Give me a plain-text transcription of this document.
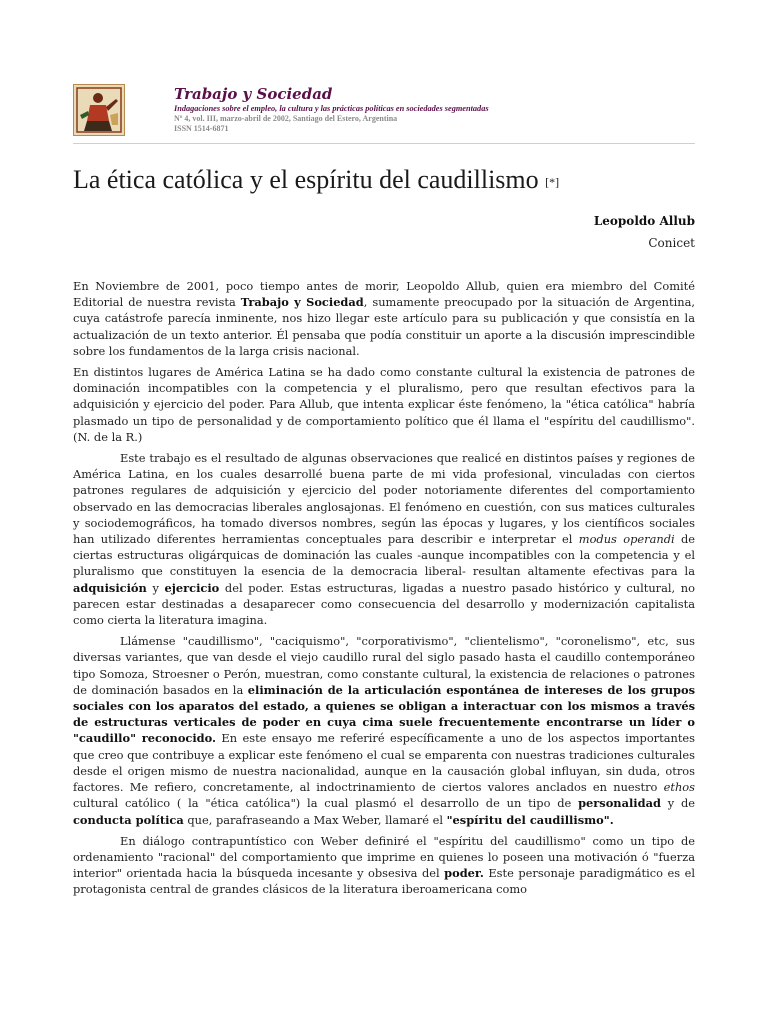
Trabajo y Sociedad
Indagaciones sobre el empleo, la cultura y las prácticas políticas en sociedades segmentadas
Nº 4, vol. III, marzo-abril de 2002, Santiago del Estero, Argentina
ISSN 1514-6871
La ética católica y el espíritu del caudillismo [*]
Leopoldo Allub
Conicet

En Noviembre de 2001, poco tiempo antes de morir, Leopoldo Allub, quien era miembro del Comité Editorial de nuestra revista Trabajo y Sociedad, sumamente preocupado por la situación de Argentina, cuya catástrofe parecía inminente, nos hizo llegar este artículo para su publicación y que consistía en la actualización de un texto anterior. Él pensaba que podía constituir un aporte a la discusión imprescindible sobre los fundamentos de la larga crisis nacional.

En distintos lugares de América Latina se ha dado como constante cultural la existencia de patrones de dominación incompatibles con la competencia y el pluralismo, pero que resultan efectivos para la adquisición y ejercicio del poder. Para Allub, que intenta explicar éste fenómeno, la "ética católica" habría plasmado un tipo de personalidad y de comportamiento político que él llama el "espíritu del caudillismo". (N. de la R.)

Este trabajo es el resultado de algunas observaciones que realicé en distintos países y regiones de América Latina, en los cuales desarrollé buena parte de mi vida profesional, vinculadas con ciertos patrones regulares de adquisición y ejercicio del poder notoriamente diferentes del comportamiento observado en las democracias liberales anglosajonas. El fenómeno en cuestión, con sus matices culturales y sociodemográficos, ha tomado diversos nombres, según las épocas y lugares, y los científicos sociales han utilizado diferentes herramientas conceptuales para describir e interpretar el modus operandi de ciertas estructuras oligárquicas de dominación las cuales -aunque incompatibles con la competencia y el pluralismo que constituyen la esencia de la democracia liberal- resultan altamente efectivas para la adquisición y ejercicio del poder. Estas estructuras, ligadas a nuestro pasado histórico y cultural, no parecen estar destinadas a desaparecer como consecuencia del desarrollo y modernización capitalista como cierta la literatura imagina.

Llámense "caudillismo", "caciquismo", "corporativismo", "clientelismo", "coronelismo", etc, sus diversas variantes, que van desde el viejo caudillo rural del siglo pasado hasta el caudillo contemporáneo tipo Somoza, Stroesner o Perón, muestran, como constante cultural, la existencia de relaciones o patrones de dominación basados en la eliminación de la articulación espontánea de intereses de los grupos sociales con los aparatos del estado, a quienes se obligan a interactuar con los mismos a través de estructuras verticales de poder en cuya cima suele frecuentemente encontrarse un líder o "caudillo" reconocido. En este ensayo me referiré específicamente a uno de los aspectos importantes que creo que contribuye a explicar este fenómeno el cual se emparenta con nuestras tradiciones culturales desde el origen mismo de nuestra nacionalidad, aunque en la causación global influyan, sin duda, otros factores. Me refiero, concretamente, al indoctrinamiento de ciertos valores anclados en nuestro ethos cultural católico ( la "ética católica") la cual plasmó el desarrollo de un tipo de personalidad y de conducta política que, parafraseando a Max Weber, llamaré el "espíritu del caudillismo".

En diálogo contrapuntístico con Weber definiré el "espíritu del caudillismo" como un tipo de ordenamiento "racional" del comportamiento que imprime en quienes lo poseen una motivación ó "fuerza interior" orientada hacia la búsqueda incesante y obsesiva del poder. Este personaje paradigmático es el protagonista central de grandes clásicos de la literatura iberoamericana como
